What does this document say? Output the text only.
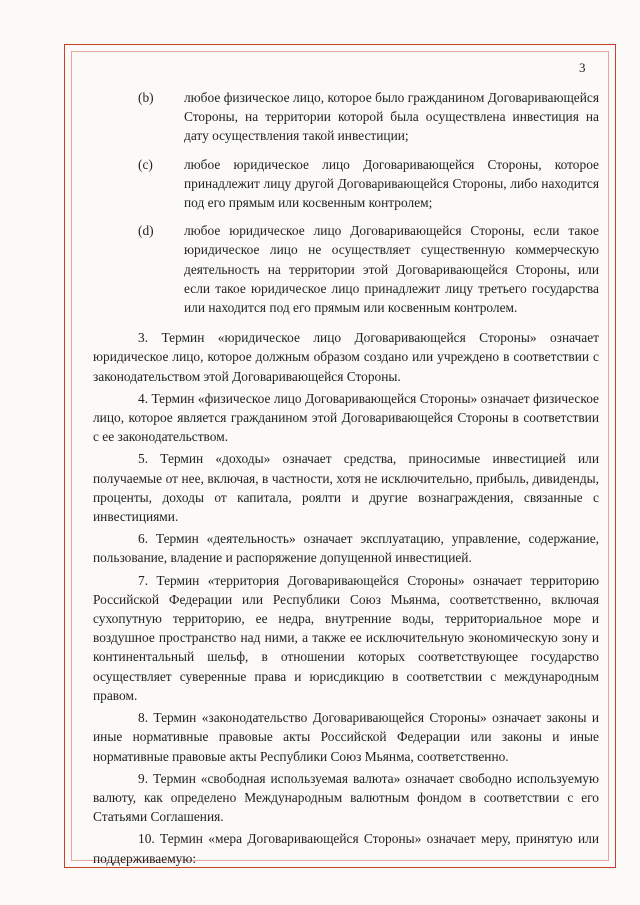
3
(b)	любое физическое лицо, которое было гражданином Договаривающейся Стороны, на территории которой была осуществлена инвестиция на дату осуществления такой инвестиции;
(c)	любое юридическое лицо Договаривающейся Стороны, которое принадлежит лицу другой Договаривающейся Стороны, либо находится под его прямым или косвенным контролем;
(d)	любое юридическое лицо Договаривающейся Стороны, если такое юридическое лицо не осуществляет существенную коммерческую деятельность на территории этой Договаривающейся Стороны, или если такое юридическое лицо принадлежит лицу третьего государства или находится под его прямым или косвенным контролем.

3. Термин «юридическое лицо Договаривающейся Стороны» означает юридическое лицо, которое должным образом создано или учреждено в соответствии с законодательством этой Договаривающейся Стороны.

4. Термин «физическое лицо Договаривающейся Стороны» означает физическое лицо, которое является гражданином этой Договаривающейся Стороны в соответствии с ее законодательством.

5. Термин «доходы» означает средства, приносимые инвестицией или получаемые от нее, включая, в частности, хотя не исключительно, прибыль, дивиденды, проценты, доходы от капитала, роялти и другие вознаграждения, связанные с инвестициями.

6. Термин «деятельность» означает эксплуатацию, управление, содержание, пользование, владение и распоряжение допущенной инвестицией.

7. Термин «территория Договаривающейся Стороны» означает территорию Российской Федерации или Республики Союз Мьянма, соответственно, включая сухопутную территорию, ее недра, внутренние воды, территориальное море и воздушное пространство над ними, а также ее исключительную экономическую зону и континентальный шельф, в отношении которых соответствующее государство осуществляет суверенные права и юрисдикцию в соответствии с международным правом.

8. Термин «законодательство Договаривающейся Стороны» означает законы и иные нормативные правовые акты Российской Федерации или законы и иные нормативные правовые акты Республики Союз Мьянма, соответственно.

9. Термин «свободная используемая валюта» означает свободно используемую валюту, как определено Международным валютным фондом в соответствии с его Статьями Соглашения.

10. Термин «мера Договаривающейся Стороны» означает меру, принятую или поддерживаемую:
